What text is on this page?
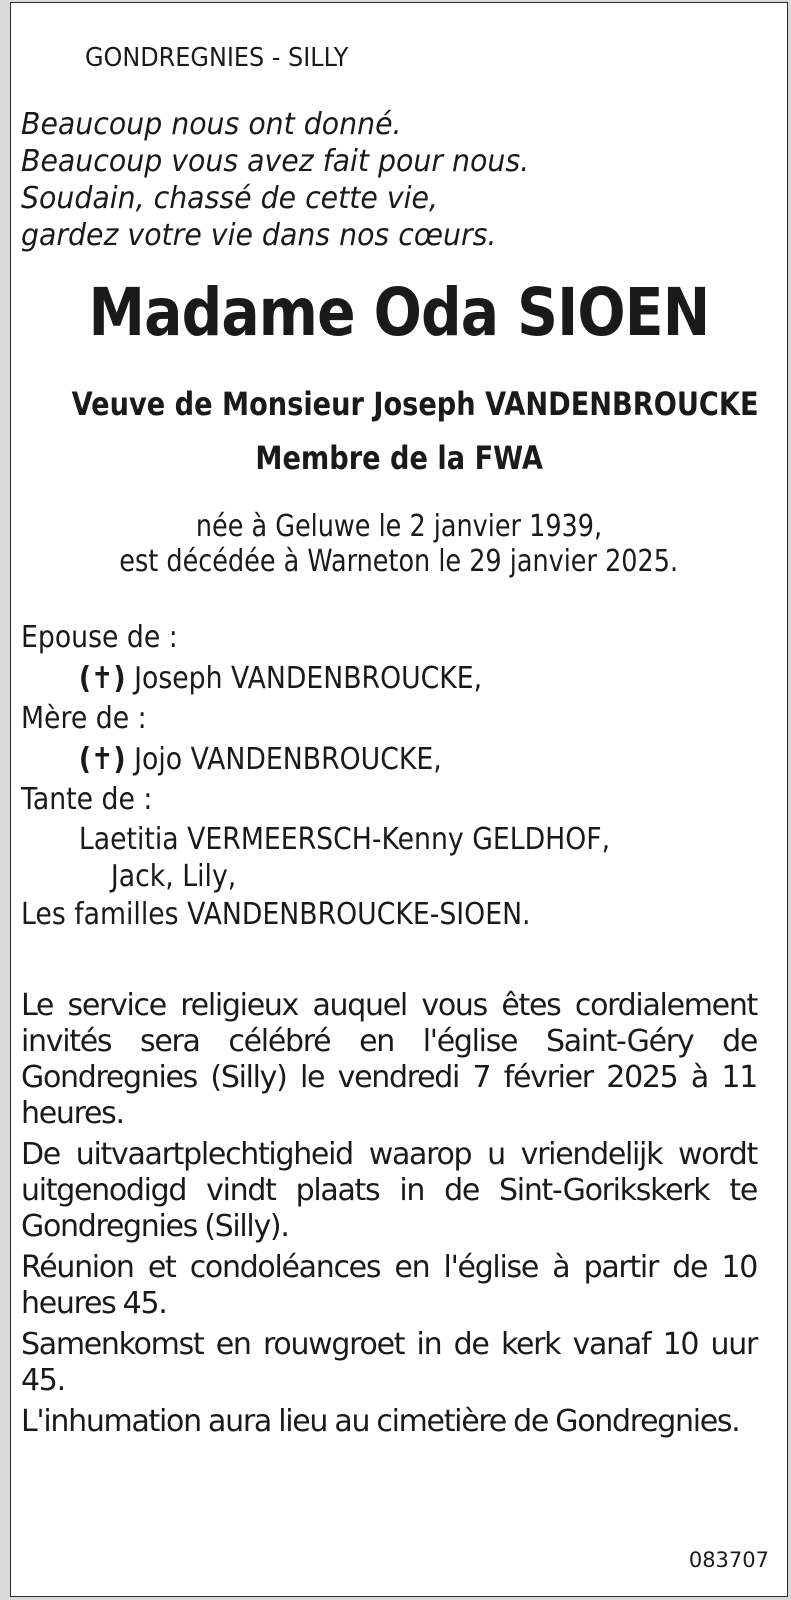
GONDREGNIES - SILLY
Beaucoup nous ont donné.
Beaucoup vous avez fait pour nous.
Soudain, chassé de cette vie,
gardez votre vie dans nos cœurs.
Madame Oda SIOEN
Veuve de Monsieur Joseph VANDENBROUCKE
Membre de la FWA
née à Geluwe le 2 janvier 1939,
est décédée à Warneton le 29 janvier 2025.
Epouse de :
(✝) Joseph VANDENBROUCKE,
Mère de :
(✝) Jojo VANDENBROUCKE,
Tante de :
Laetitia VERMEERSCH-Kenny GELDHOF,
Jack, Lily,
Les familles VANDENBROUCKE-SIOEN.
Le service religieux auquel vous êtes cordialement invités sera célébré en l'église Saint-Géry de Gondregnies (Silly) le vendredi 7 février 2025 à 11 heures.
De uitvaartplechtigheid waarop u vriendelijk wordt uitgenodigd vindt plaats in de Sint-Gorikskerk te Gondregnies (Silly).
Réunion et condoléances en l'église à partir de 10 heures 45.
Samenkomst en rouwgroet in de kerk vanaf 10 uur 45.
L'inhumation aura lieu au cimetière de Gondregnies.
083707
